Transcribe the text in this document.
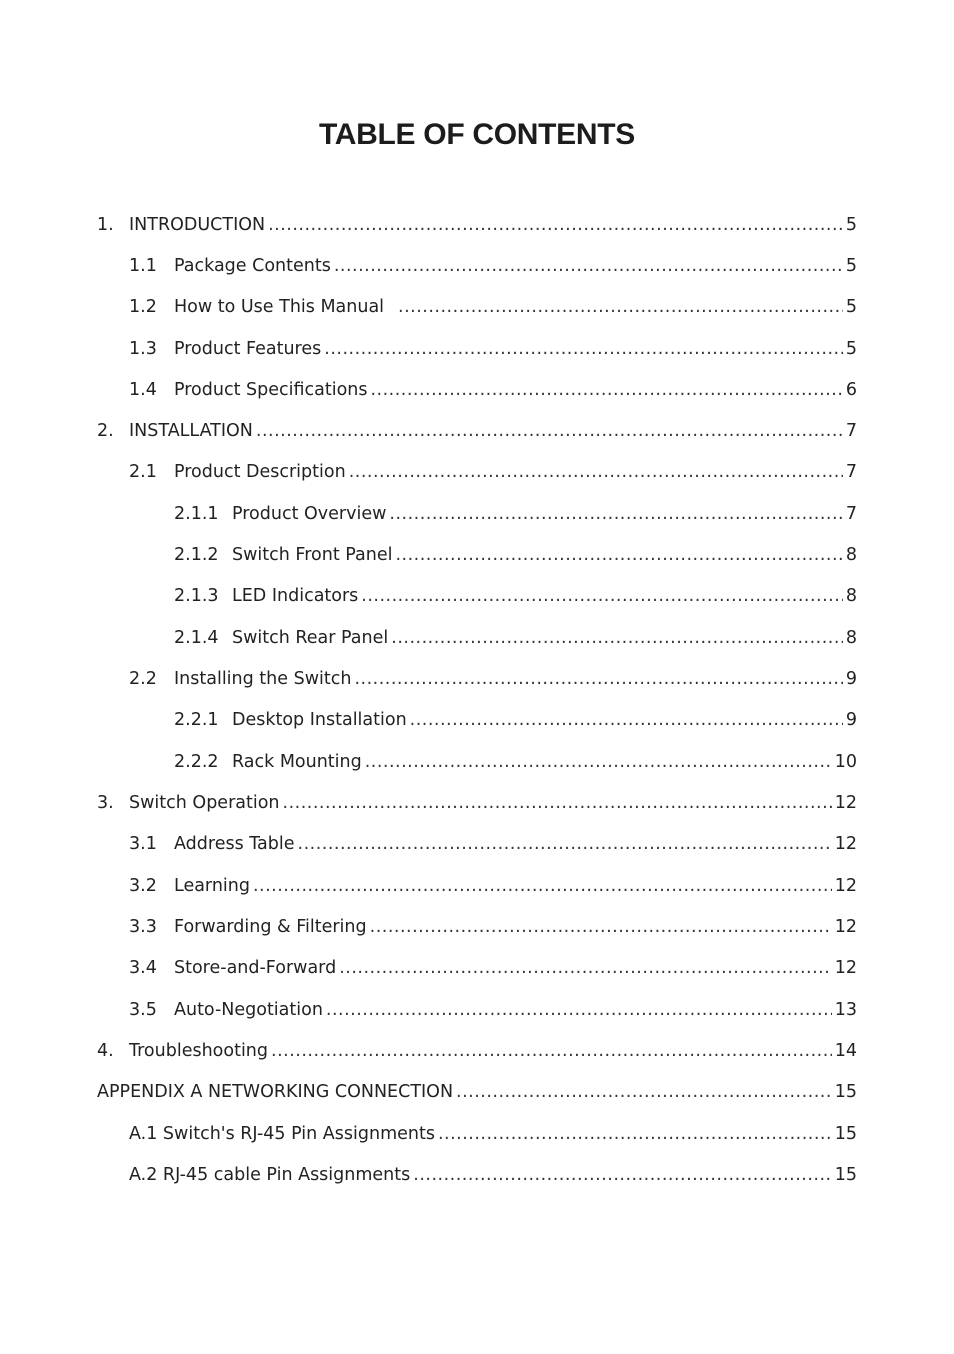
TABLE OF CONTENTS
1. INTRODUCTION .....	5
1.1 Package Contents .....	5
1.2 How to Use This Manual .....	5
1.3 Product Features .....	5
1.4 Product Specifications .....	6
2. INSTALLATION .....	7
2.1 Product Description .....	7
2.1.1 Product Overview .....	7
2.1.2 Switch Front Panel .....	8
2.1.3 LED Indicators .....	8
2.1.4 Switch Rear Panel .....	8
2.2 Installing the Switch .....	9
2.2.1 Desktop Installation .....	9
2.2.2 Rack Mounting .....	10
3. Switch Operation .....	12
3.1 Address Table .....	12
3.2 Learning .....	12
3.3 Forwarding & Filtering .....	12
3.4 Store-and-Forward .....	12
3.5 Auto-Negotiation .....	13
4. Troubleshooting .....	14
APPENDIX A NETWORKING CONNECTION .....	15
A.1 Switch's RJ-45 Pin Assignments .....	15
A.2 RJ-45 cable Pin Assignments .....	15
